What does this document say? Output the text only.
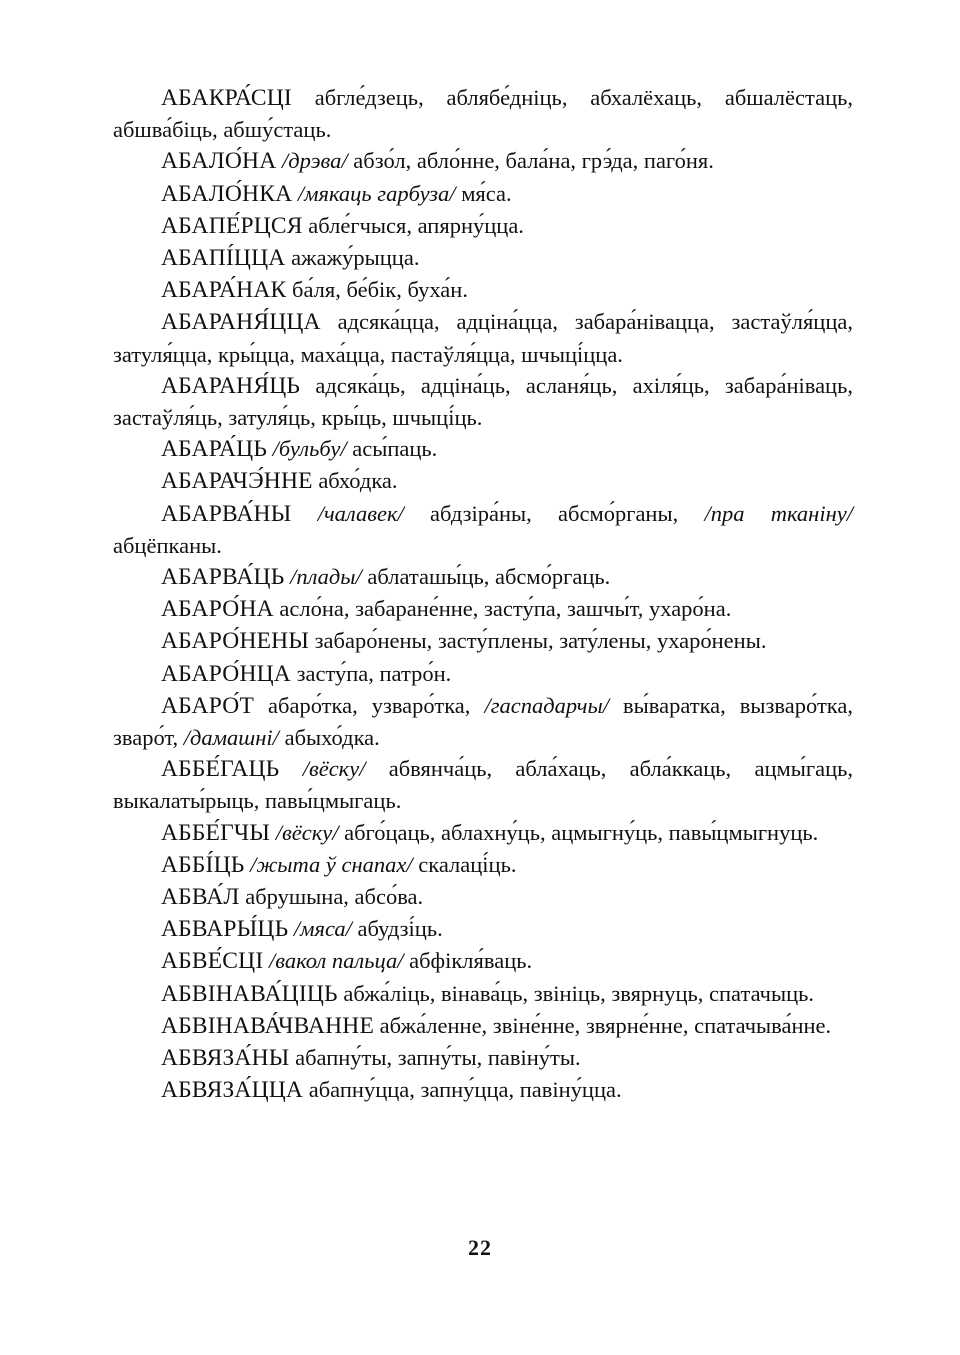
АБАКРА́СЦІ абгле́дзець, аблябе́дніць, абхалёхаць, абшалёстаць, абшва́біць, абшу́стаць.

АБАЛО́НА /дрэва/ абзо́л, абло́нне, бала́на, грэ́да, паго́ня.

АБАЛО́НКА /мякаць гарбуза/ мя́са.

АБАПЕ́РЦСЯ абле́гчыся, апярну́цца.

АБАПІ́ЦЦА ажажу́рыцца.

АБАРА́НАК ба́ля, бе́бік, буха́н.

АБАРАНЯ́ЦЦА адсяка́цца, адціна́цца, забара́нівацца, застаўля́цца, затуля́цца, кры́цца, маха́цца, пастаўля́цца, шчыці́цца.

АБАРАНЯ́ЦЬ адсяка́ць, адціна́ць, асланя́ць, ахіля́ць, забара́ніваць, застаўля́ць, затуля́ць, кры́ць, шчыці́ць.

АБАРА́ЦЬ /бульбу/ асы́паць.

АБАРАЧЭ́ННЕ абхо́дка.

АБАРВА́НЫ /чалавек/ абдзіра́ны, абсмо́рганы, /пра тканіну/ абцёпканы.

АБАРВА́ЦЬ /плады/ аблаташы́ць, абсмо́ргаць.

АБАРО́НА асло́на, забаране́нне, засту́па, зашчы́т, ухаро́на.

АБАРО́НЕНЫ забаро́нены, засту́плены, зату́лены, ухаро́нены.

АБАРО́НЦА засту́па, патро́н.

АБАРО́Т абаро́тка, узваро́тка, /гаспадарчы/ вы́варатка, вызваро́тка, зваро́т, /дамашні/ абыхо́дка.

АББЕ́ГАЦЬ /вёску/ абвянча́ць, абла́хаць, абла́ккаць, ацмы́гаць, выкалаты́рыць, павы́цмыгаць.

АББЕ́ГЧЫ /вёску/ абго́цаць, аблахну́ць, ацмыгну́ць, павы́цмыгнуць.

АББІ́ЦЬ /жыта ў снапах/ скалаці́ць.

АБВА́Л абрушына, абсо́ва.

АБВАРЫ́ЦЬ /мяса/ абудзі́ць.

АБВЕ́СЦІ /вакол пальца/ абфікля́ваць.

АБВІНАВА́ЦІЦЬ абжа́ліць, вінава́ць, звініць, звярнуць, спатачыць.

АБВІНАВА́ЧВАННЕ абжа́ленне, звіне́нне, звярне́нне, спатачыва́нне.

АБВЯЗА́НЫ абапну́ты, запну́ты, павіну́ты.

АБВЯЗА́ЦЦА абапну́цца, запну́цца, павіну́цца.

22
